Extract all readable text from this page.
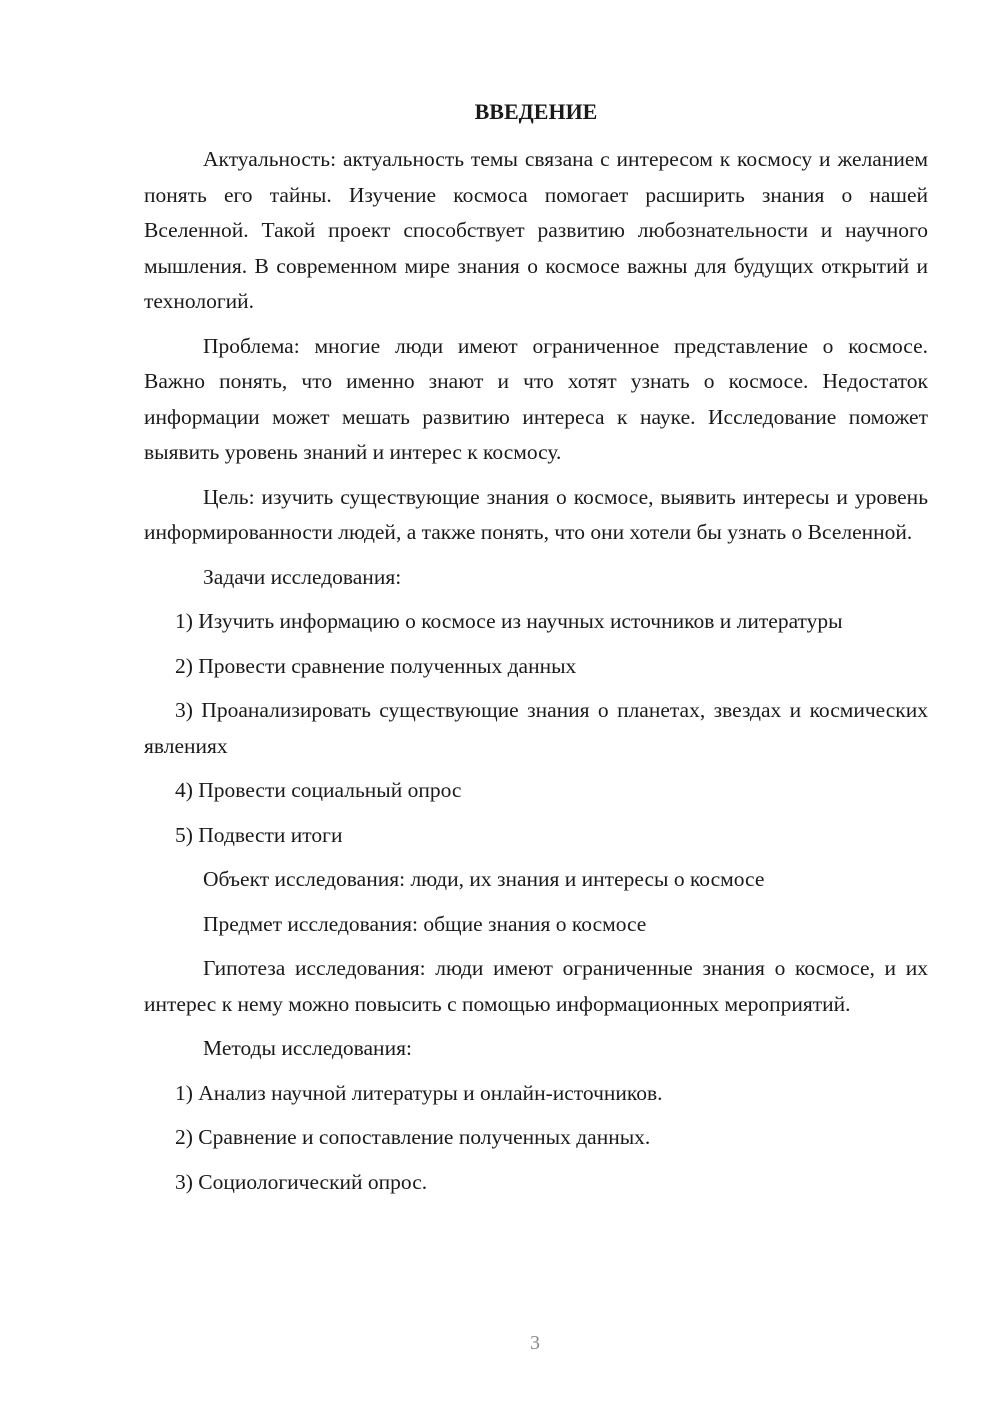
ВВЕДЕНИЕ

Актуальность: актуальность темы связана с интересом к космосу и желанием понять его тайны. Изучение космоса помогает расширить знания о нашей Вселенной. Такой проект способствует развитию любознательности и научного мышления. В современном мире знания о космосе важны для будущих открытий и технологий.

Проблема: многие люди имеют ограниченное представление о космосе. Важно понять, что именно знают и что хотят узнать о космосе. Недостаток информации может мешать развитию интереса к науке. Исследование поможет выявить уровень знаний и интерес к космосу.

Цель: изучить существующие знания о космосе, выявить интересы и уровень информированности людей, а также понять, что они хотели бы узнать о Вселенной.

Задачи исследования:

1) Изучить информацию о космосе из научных источников и литературы

2) Провести сравнение полученных данных

3) Проанализировать существующие знания о планетах, звездах и космических явлениях

4) Провести социальный опрос

5) Подвести итоги

Объект исследования: люди, их знания и интересы о космосе

Предмет исследования: общие знания о космосе

Гипотеза исследования: люди имеют ограниченные знания о космосе, и их интерес к нему можно повысить с помощью информационных мероприятий.

Методы исследования:

1) Анализ научной литературы и онлайн-источников.

2) Сравнение и сопоставление полученных данных.

3) Социологический опрос.

3
